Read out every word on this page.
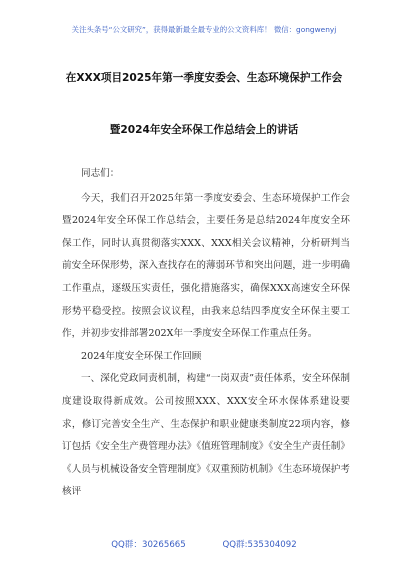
关注头条号“公文研究”，获得最新最全最专业的公文资料库！ 微信：gongwenyj
在XXX项目2025年第一季度安委会、生态环境保护工作会
暨2024年安全环保工作总结会上的讲话

同志们：

今天，我们召开2025年第一季度安委会、生态环境保护工作会暨2024年安全环保工作总结会，主要任务是总结2024年度安全环保工作，同时认真贯彻落实XXX、XXX相关会议精神，分析研判当前安全环保形势，深入查找存在的薄弱环节和突出问题，进一步明确工作重点，逐级压实责任，强化措施落实，确保XXX高速安全环保形势平稳受控。按照会议议程，由我来总结四季度安全环保主要工作，并初步安排部署202X年一季度安全环保工作重点任务。

2024年度安全环保工作回顾

一、深化党政同责机制，构建“一岗双责”责任体系，安全环保制度建设取得新成效。公司按照XXX、XXX安全环水保体系建设要求，修订完善安全生产、生态保护和职业健康类制度22项内容，修订包括《安全生产费管理办法》《值班管理制度》《安全生产责任制》《人员与机械设备安全管理制度》《双重预防机制》《生态环境保护考核评

QQ群：30265665	QQ群:535304092
